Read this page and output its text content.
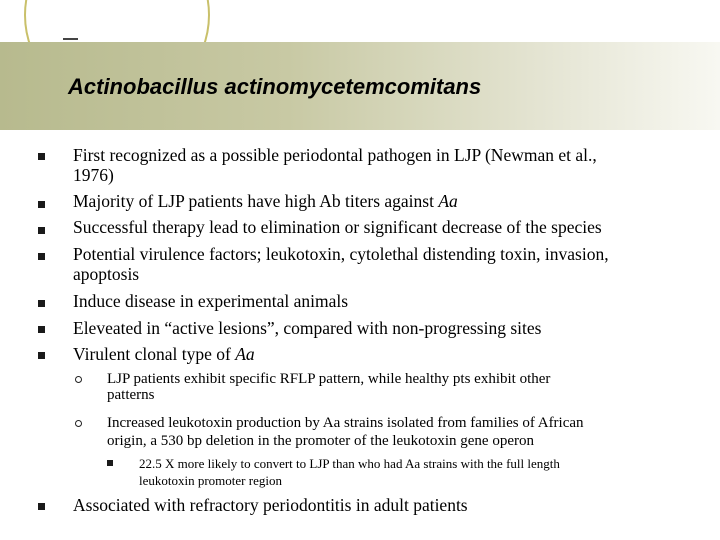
Actinobacillus actinomycetemcomitans
First recognized as a possible periodontal pathogen in LJP (Newman et al.,
1976)
Majority of LJP patients have high Ab titers against Aa
Successful therapy lead to elimination or significant decrease of the species
Potential virulence factors; leukotoxin, cytolethal distending toxin, invasion,
apoptosis
Induce disease in experimental animals
Eleveated in “active lesions”, compared with non-progressing sites
Virulent clonal type of Aa
LJP patients exhibit specific RFLP pattern, while healthy pts exhibit other
patterns
Increased leukotoxin production by Aa strains isolated from families of African
origin, a 530 bp deletion in the promoter of the leukotoxin gene operon
22.5 X more likely to convert to LJP than who had Aa strains with the full length
leukotoxin promoter region
Associated with refractory periodontitis in adult patients
